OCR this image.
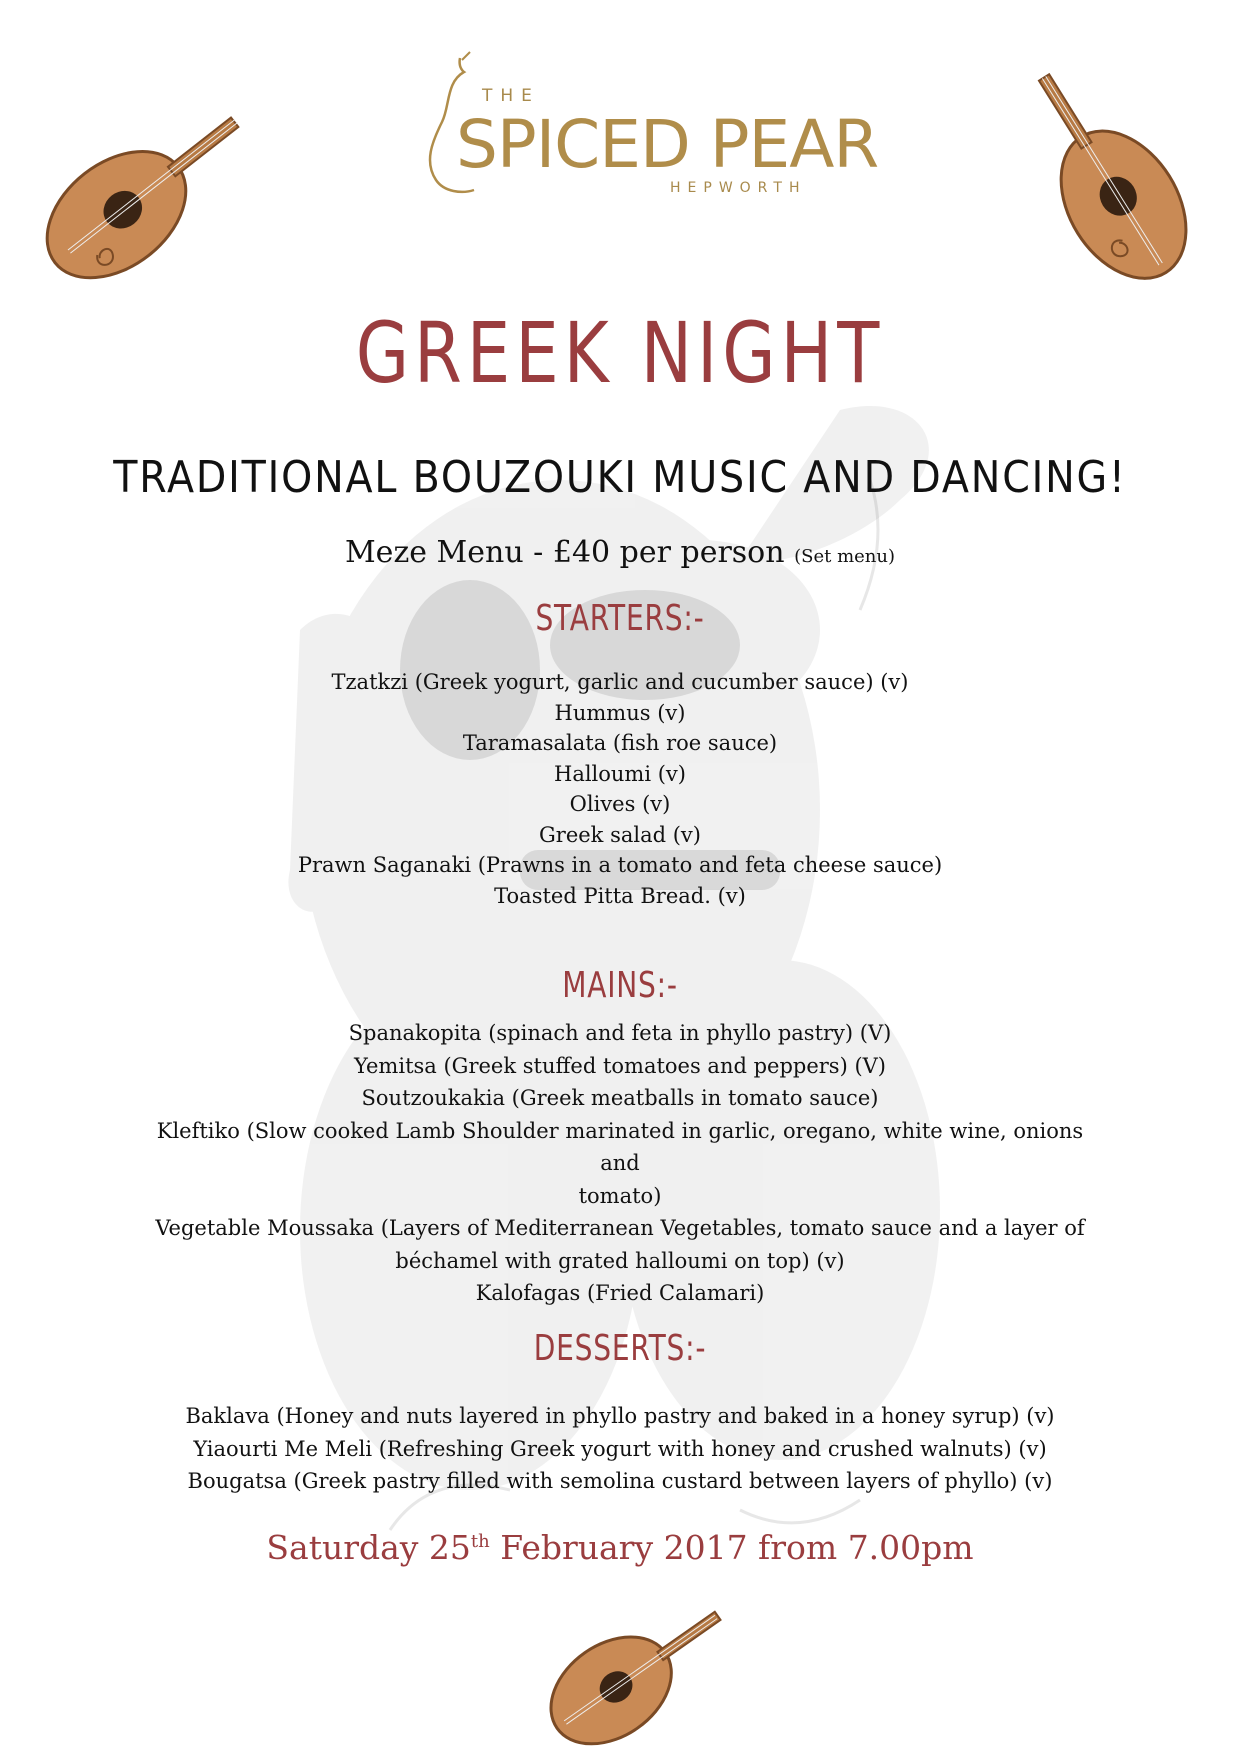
THE
SPICED PEAR
HEPWORTH
GREEK NIGHT
TRADITIONAL BOUZOUKI MUSIC AND DANCING!
Meze Menu - £40 per person (Set menu)
STARTERS:-
Tzatkzi (Greek yogurt, garlic and cucumber sauce) (v)
Hummus (v)
Taramasalata (fish roe sauce)
Halloumi (v)
Olives (v)
Greek salad (v)
Prawn Saganaki (Prawns in a tomato and feta cheese sauce)
Toasted Pitta Bread. (v)
MAINS:-
Spanakopita (spinach and feta in phyllo pastry) (V)
Yemitsa (Greek stuffed tomatoes and peppers) (V)
Soutzoukakia (Greek meatballs in tomato sauce)
Kleftiko (Slow cooked Lamb Shoulder marinated in garlic, oregano, white wine, onions and
tomato)
Vegetable Moussaka (Layers of Mediterranean Vegetables, tomato sauce and a layer of
béchamel with grated halloumi on top) (v)
Kalofagas (Fried Calamari)
DESSERTS:-
Baklava (Honey and nuts layered in phyllo pastry and baked in a honey syrup) (v)
Yiaourti Me Meli (Refreshing Greek yogurt with honey and crushed walnuts) (v)
Bougatsa (Greek pastry filled with semolina custard between layers of phyllo) (v)
Saturday 25th February 2017 from 7.00pm
